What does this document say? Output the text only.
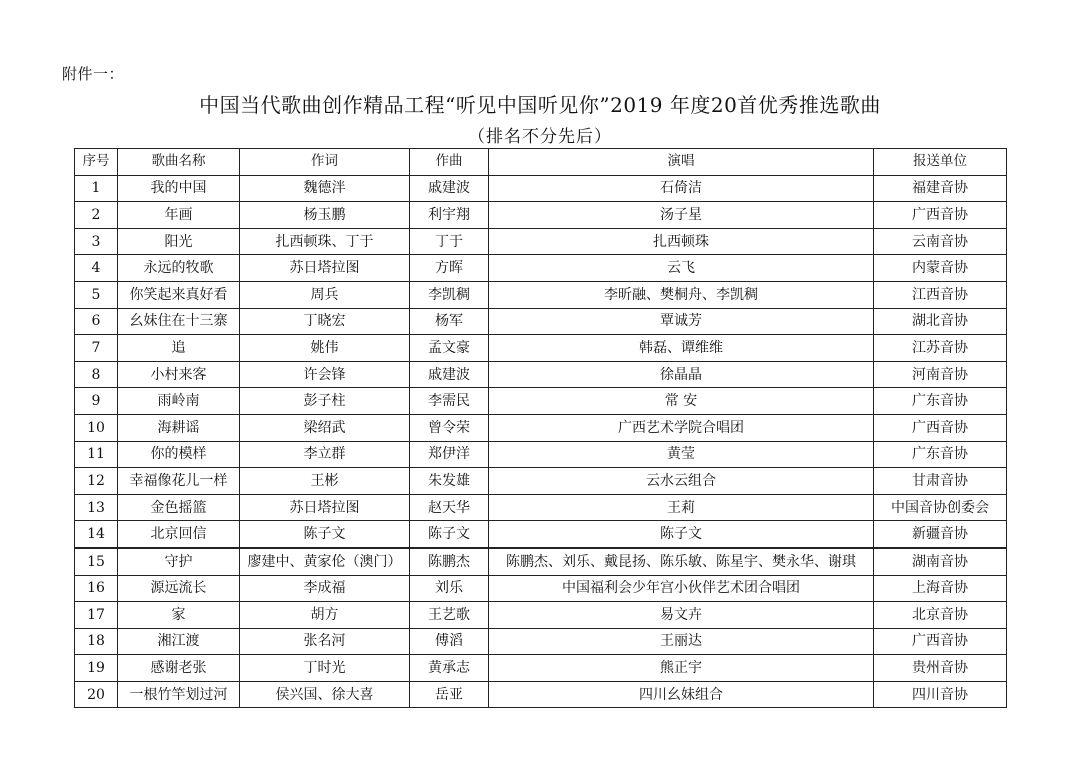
附件一：
中国当代歌曲创作精品工程“听见中国听见你”2019 年度20首优秀推选歌曲
（排名不分先后）
序号	歌曲名称	作词	作曲	演唱	报送单位
1	我的中国	魏德泮	戚建波	石倚洁	福建音协
2	年画	杨玉鹏	利宇翔	汤子星	广西音协
3	阳光	扎西顿珠、丁于	丁于	扎西顿珠	云南音协
4	永远的牧歌	苏日塔拉图	方晖	云飞	内蒙音协
5	你笑起来真好看	周兵	李凯稠	李昕融、樊桐舟、李凯稠	江西音协
6	幺妹住在十三寨	丁晓宏	杨军	覃诚芳	湖北音协
7	追	姚伟	孟文豪	韩磊、谭维维	江苏音协
8	小村来客	许会锋	戚建波	徐晶晶	河南音协
9	雨岭南	彭子柱	李需民	常 安	广东音协
10	海耕谣	梁绍武	曾令荣	广西艺术学院合唱团	广西音协
11	你的模样	李立群	郑伊洋	黄莹	广东音协
12	幸福像花儿一样	王彬	朱发雄	云水云组合	甘肃音协
13	金色摇篮	苏日塔拉图	赵天华	王莉	中国音协创委会
14	北京回信	陈子文	陈子文	陈子文	新疆音协
15	守护	廖建中、黄家伦（澳门）	陈鹏杰	陈鹏杰、刘乐、戴昆扬、陈乐敏、陈星宇、樊永华、谢琪	湖南音协
16	源远流长	李成福	刘乐	中国福利会少年宫小伙伴艺术团合唱团	上海音协
17	家	胡方	王艺歌	易文卉	北京音协
18	湘江渡	张名河	傅滔	王丽达	广西音协
19	感谢老张	丁时光	黄承志	熊正宇	贵州音协
20	一根竹竿划过河	侯兴国、徐大喜	岳亚	四川幺妹组合	四川音协
